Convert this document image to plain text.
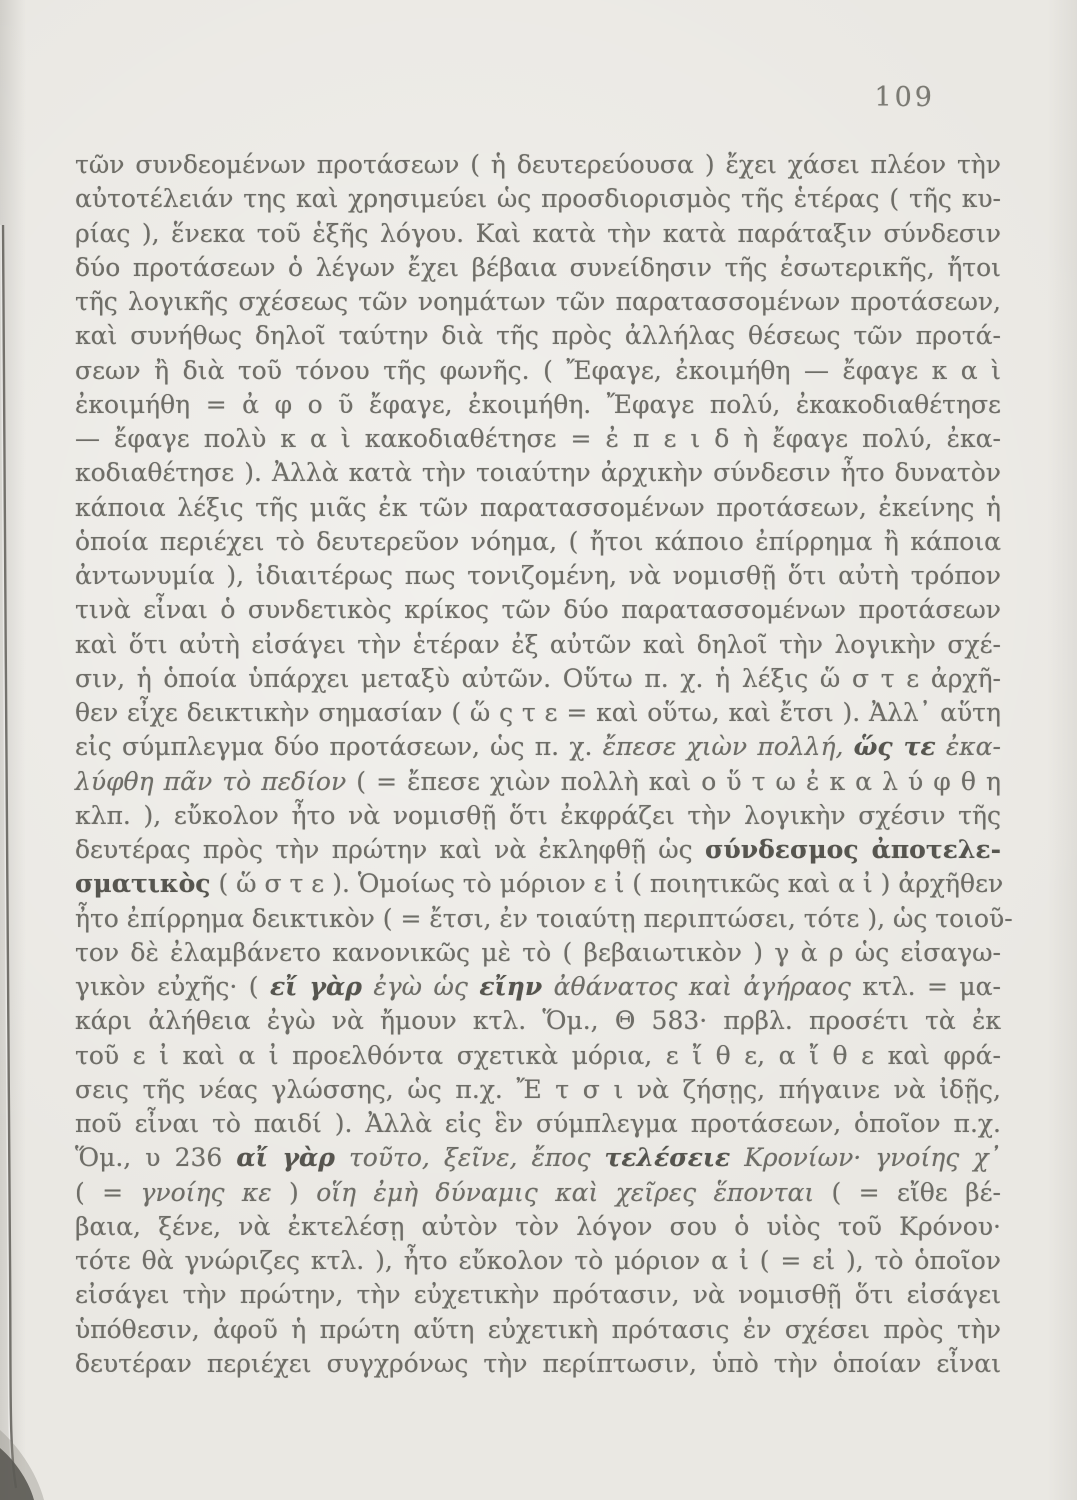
109
τῶν συνδεομένων προτάσεων ( ἡ δευτερεύουσα ) ἔχει χάσει πλέον τὴν
αὐτοτέλειάν της καὶ χρησιμεύει ὡς προσδιορισμὸς τῆς ἑτέρας ( τῆς κυ-
ρίας ), ἕνεκα τοῦ ἑξῆς λόγου. Καὶ κατὰ τὴν κατὰ παράταξιν σύνδεσιν
δύο προτάσεων ὁ λέγων ἔχει βέβαια συνείδησιν τῆς ἐσωτερικῆς, ἤτοι
τῆς λογικῆς σχέσεως τῶν νοημάτων τῶν παρατασσομένων προτάσεων,
καὶ συνήθως δηλοῖ ταύτην διὰ τῆς πρὸς ἀλλήλας θέσεως τῶν προτά-
σεων ἢ διὰ τοῦ τόνου τῆς φωνῆς. ( Ἔφαγε, ἐκοιμήθη — ἔφαγε κ α ὶ
ἐκοιμήθη = ἀ φ ο ῦ ἔφαγε, ἐκοιμήθη. Ἔφαγε πολύ, ἐκακοδιαθέτησε
— ἔφαγε πολὺ κ α ὶ κακοδιαθέτησε = ἐ π ε ι δ ὴ ἔφαγε πολύ, ἐκα-
κοδιαθέτησε ). Ἀλλὰ κατὰ τὴν τοιαύτην ἀρχικὴν σύνδεσιν ἦτο δυνατὸν
κάποια λέξις τῆς μιᾶς ἐκ τῶν παρατασσομένων προτάσεων, ἐκείνης ἡ
ὁποία περιέχει τὸ δευτερεῦον νόημα, ( ἤτοι κάποιο ἐπίρρημα ἢ κάποια
ἀντωνυμία ), ἰδιαιτέρως πως τονιζομένη, νὰ νομισθῇ ὅτι αὐτὴ τρόπον
τινὰ εἶναι ὁ συνδετικὸς κρίκος τῶν δύο παρατασσομένων προτάσεων
καὶ ὅτι αὐτὴ εἰσάγει τὴν ἑτέραν ἐξ αὐτῶν καὶ δηλοῖ τὴν λογικὴν σχέ-
σιν, ἡ ὁποία ὑπάρχει μεταξὺ αὐτῶν. Οὕτω π. χ. ἡ λέξις ὥ σ τ ε ἀρχῆ-
θεν εἶχε δεικτικὴν σημασίαν ( ὥ ς τ ε = καὶ οὕτω, καὶ ἔτσι ). Ἀλλ᾽ αὕτη
εἰς σύμπλεγμα δύο προτάσεων, ὡς π. χ. ἔπεσε χιὼν πολλή, ὥς τε ἐκα-
λύφθη πᾶν τὸ πεδίον ( = ἔπεσε χιὼν πολλὴ καὶ ο ὕ τ ω ἐ κ α λ ύ φ θ η
κλπ. ), εὔκολον ἦτο νὰ νομισθῇ ὅτι ἐκφράζει τὴν λογικὴν σχέσιν τῆς
δευτέρας πρὸς τὴν πρώτην καὶ νὰ ἐκληφθῇ ὡς σύνδεσμος ἀποτελε-
σματικὸς ( ὥ σ τ ε ). Ὁμοίως τὸ μόριον ε ἰ ( ποιητικῶς καὶ α ἰ ) ἀρχῆθεν
ἦτο ἐπίρρημα δεικτικὸν ( = ἔτσι, ἐν τοιαύτῃ περιπτώσει, τότε ), ὡς τοιοῦ-
τον δὲ ἐλαμβάνετο κανονικῶς μὲ τὸ ( βεβαιωτικὸν ) γ ὰ ρ ὡς εἰσαγω-
γικὸν εὐχῆς· ( εἴ γὰρ ἐγὼ ὡς εἴην ἀθάνατος καὶ ἀγήραος κτλ. = μα-
κάρι ἀλήθεια ἐγὼ νὰ ἤμουν κτλ. Ὅμ., Θ 583· πρβλ. προσέτι τὰ ἐκ
τοῦ ε ἰ καὶ α ἰ προελθόντα σχετικὰ μόρια, ε ἴ θ ε, α ἴ θ ε καὶ φρά-
σεις τῆς νέας γλώσσης, ὡς π.χ. Ἔ τ σ ι νὰ ζήσῃς, πήγαινε νὰ ἰδῇς,
ποῦ εἶναι τὸ παιδί ). Ἀλλὰ εἰς ἓν σύμπλεγμα προτάσεων, ὁποῖον π.χ.
Ὅμ., υ 236 αἴ γὰρ τοῦτο, ξεῖνε, ἔπος τελέσειε Κρονίων· γνοίης χ᾽
( = γνοίης κε ) οἵη ἐμὴ δύναμις καὶ χεῖρες ἕπονται ( = εἴθε βέ-
βαια, ξένε, νὰ ἐκτελέσῃ αὐτὸν τὸν λόγον σου ὁ υἱὸς τοῦ Κρόνου·
τότε θὰ γνώριζες κτλ. ), ἦτο εὔκολον τὸ μόριον α ἰ ( = εἰ ), τὸ ὁποῖον
εἰσάγει τὴν πρώτην, τὴν εὐχετικὴν πρότασιν, νὰ νομισθῇ ὅτι εἰσάγει
ὑπόθεσιν, ἀφοῦ ἡ πρώτη αὕτη εὐχετικὴ πρότασις ἐν σχέσει πρὸς τὴν
δευτέραν περιέχει συγχρόνως τὴν περίπτωσιν, ὑπὸ τὴν ὁποίαν εἶναι
